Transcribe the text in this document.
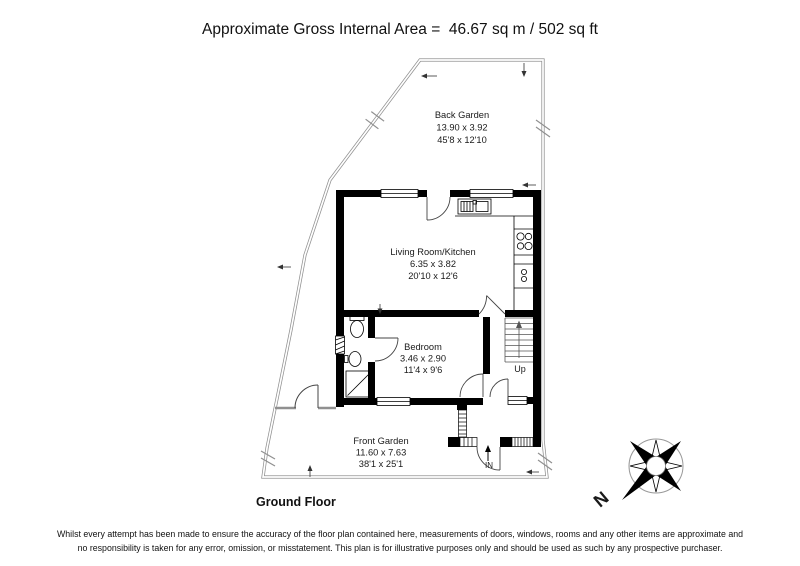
Approximate Gross Internal Area =  46.67 sq m / 502 sq ft
Back Garden
13.90 x 3.92
45'8 x 12'10
Living Room/Kitchen
6.35 x 3.82
20'10 x 12'6
Bedroom
3.46 x 2.90
11'4 x 9'6
Front Garden
11.60 x 7.63
38'1 x 25'1
Up
IN
N
Ground Floor
Whilst every attempt has been made to ensure the accuracy of the floor plan contained here, measurements of doors, windows, rooms and any other items are approximate and
no responsibility is taken for any error, omission, or misstatement. This plan is for illustrative purposes only and should be used as such by any prospective purchaser.
